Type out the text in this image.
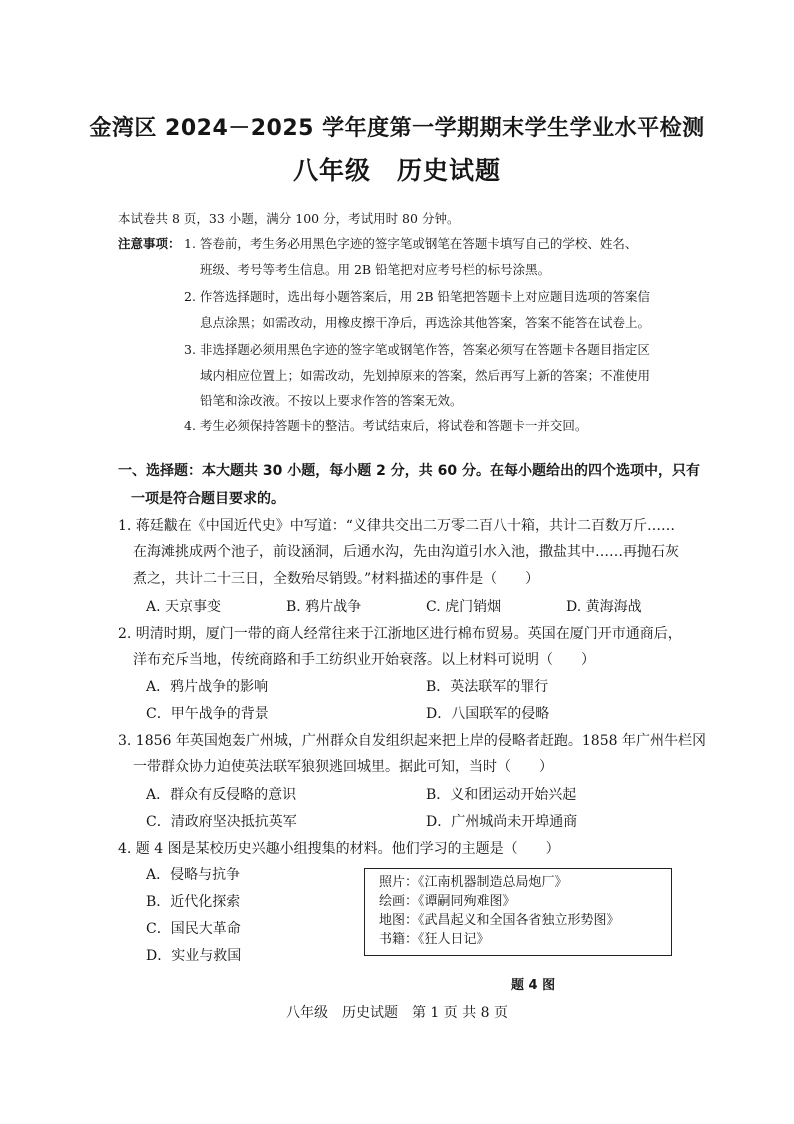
金湾区 2024－2025 学年度第一学期期末学生学业水平检测
八年级 历史试题
本试卷共 8 页，33 小题，满分 100 分，考试用时 80 分钟。
注意事项： 1. 答卷前，考生务必用黑色字迹的签字笔或钢笔在答题卡填写自己的学校、姓名、
班级、考号等考生信息。用 2B 铅笔把对应考号栏的标号涂黑。
2. 作答选择题时，选出每小题答案后，用 2B 铅笔把答题卡上对应题目选项的答案信
息点涂黑；如需改动，用橡皮擦干净后，再选涂其他答案，答案不能答在试卷上。
3. 非选择题必须用黑色字迹的签字笔或钢笔作答，答案必须写在答题卡各题目指定区
域内相应位置上；如需改动，先划掉原来的答案，然后再写上新的答案；不准使用
铅笔和涂改液。不按以上要求作答的答案无效。
4. 考生必须保持答题卡的整洁。考试结束后，将试卷和答题卡一并交回。
一、选择题：本大题共 30 小题，每小题 2 分，共 60 分。在每小题给出的四个选项中，只有
一项是符合题目要求的。
1. 蒋廷黻在《中国近代史》中写道：“义律共交出二万零二百八十箱，共计二百数万斤……
在海滩挑成两个池子，前设涵洞，后通水沟，先由沟道引水入池，撒盐其中……再抛石灰
煮之，共计二十三日，全数殆尽销毁。”材料描述的事件是（　　）
A. 天京事变	B. 鸦片战争	C. 虎门销烟	D. 黄海海战
2. 明清时期，厦门一带的商人经常往来于江浙地区进行棉布贸易。英国在厦门开市通商后，
洋布充斥当地，传统商路和手工纺织业开始衰落。以上材料可说明（　　）
A．鸦片战争的影响	B．英法联军的罪行
C．甲午战争的背景	D．八国联军的侵略
3. 1856 年英国炮轰广州城，广州群众自发组织起来把上岸的侵略者赶跑。1858 年广州牛栏冈
一带群众协力迫使英法联军狼狈逃回城里。据此可知，当时（　　）
A．群众有反侵略的意识	B．义和团运动开始兴起
C．清政府坚决抵抗英军	D．广州城尚未开埠通商
4. 题 4 图是某校历史兴趣小组搜集的材料。他们学习的主题是（　　）
A．侵略与抗争
B．近代化探索
C．国民大革命
D．实业与救国
照片：《江南机器制造总局炮厂》
绘画：《谭嗣同殉难图》
地图：《武昌起义和全国各省独立形势图》
书籍：《狂人日记》
题 4 图
八年级　历史试题　第 1 页 共 8 页
